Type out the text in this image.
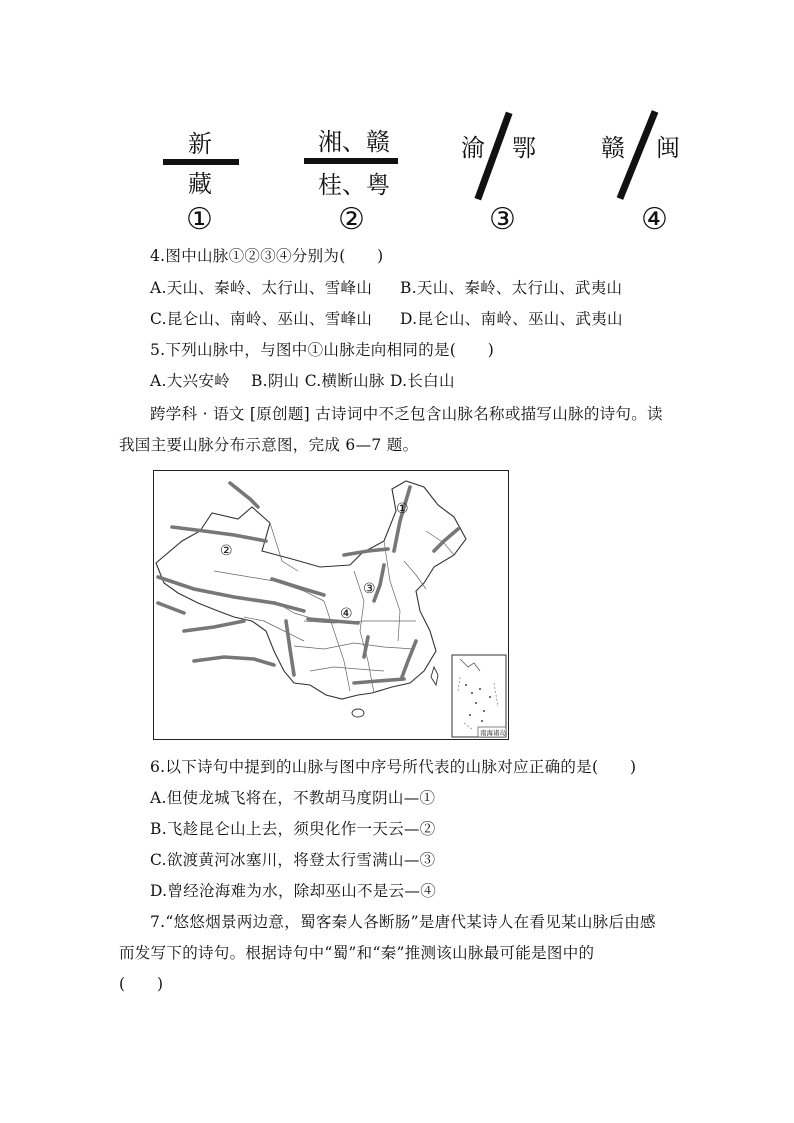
新
藏
①
湘、赣
桂、粤
②
渝 鄂
③
赣 闽
④
4.图中山脉①②③④分别为(　　)
A.天山、秦岭、太行山、雪峰山 B.天山、秦岭、太行山、武夷山
C.昆仑山、南岭、巫山、雪峰山 D.昆仑山、南岭、巫山、武夷山
5.下列山脉中，与图中①山脉走向相同的是(　　)
A.大兴安岭　 B.阴山 C.横断山脉 D.长白山
跨学科 · 语文 [原创题] 古诗词中不乏包含山脉名称或描写山脉的诗句。读
我国主要山脉分布示意图，完成 6—7 题。
①
②
③
④
南海诸岛
6.以下诗句中提到的山脉与图中序号所代表的山脉对应正确的是(　　)
A.但使龙城飞将在，不教胡马度阴山—①
B.飞趁昆仑山上去，须臾化作一天云—②
C.欲渡黄河冰塞川，将登太行雪满山—③
D.曾经沧海难为水，除却巫山不是云—④
7.“悠悠烟景两边意，蜀客秦人各断肠”是唐代某诗人在看见某山脉后由感
而发写下的诗句。根据诗句中“蜀”和“秦”推测该山脉最可能是图中的
(　　)
